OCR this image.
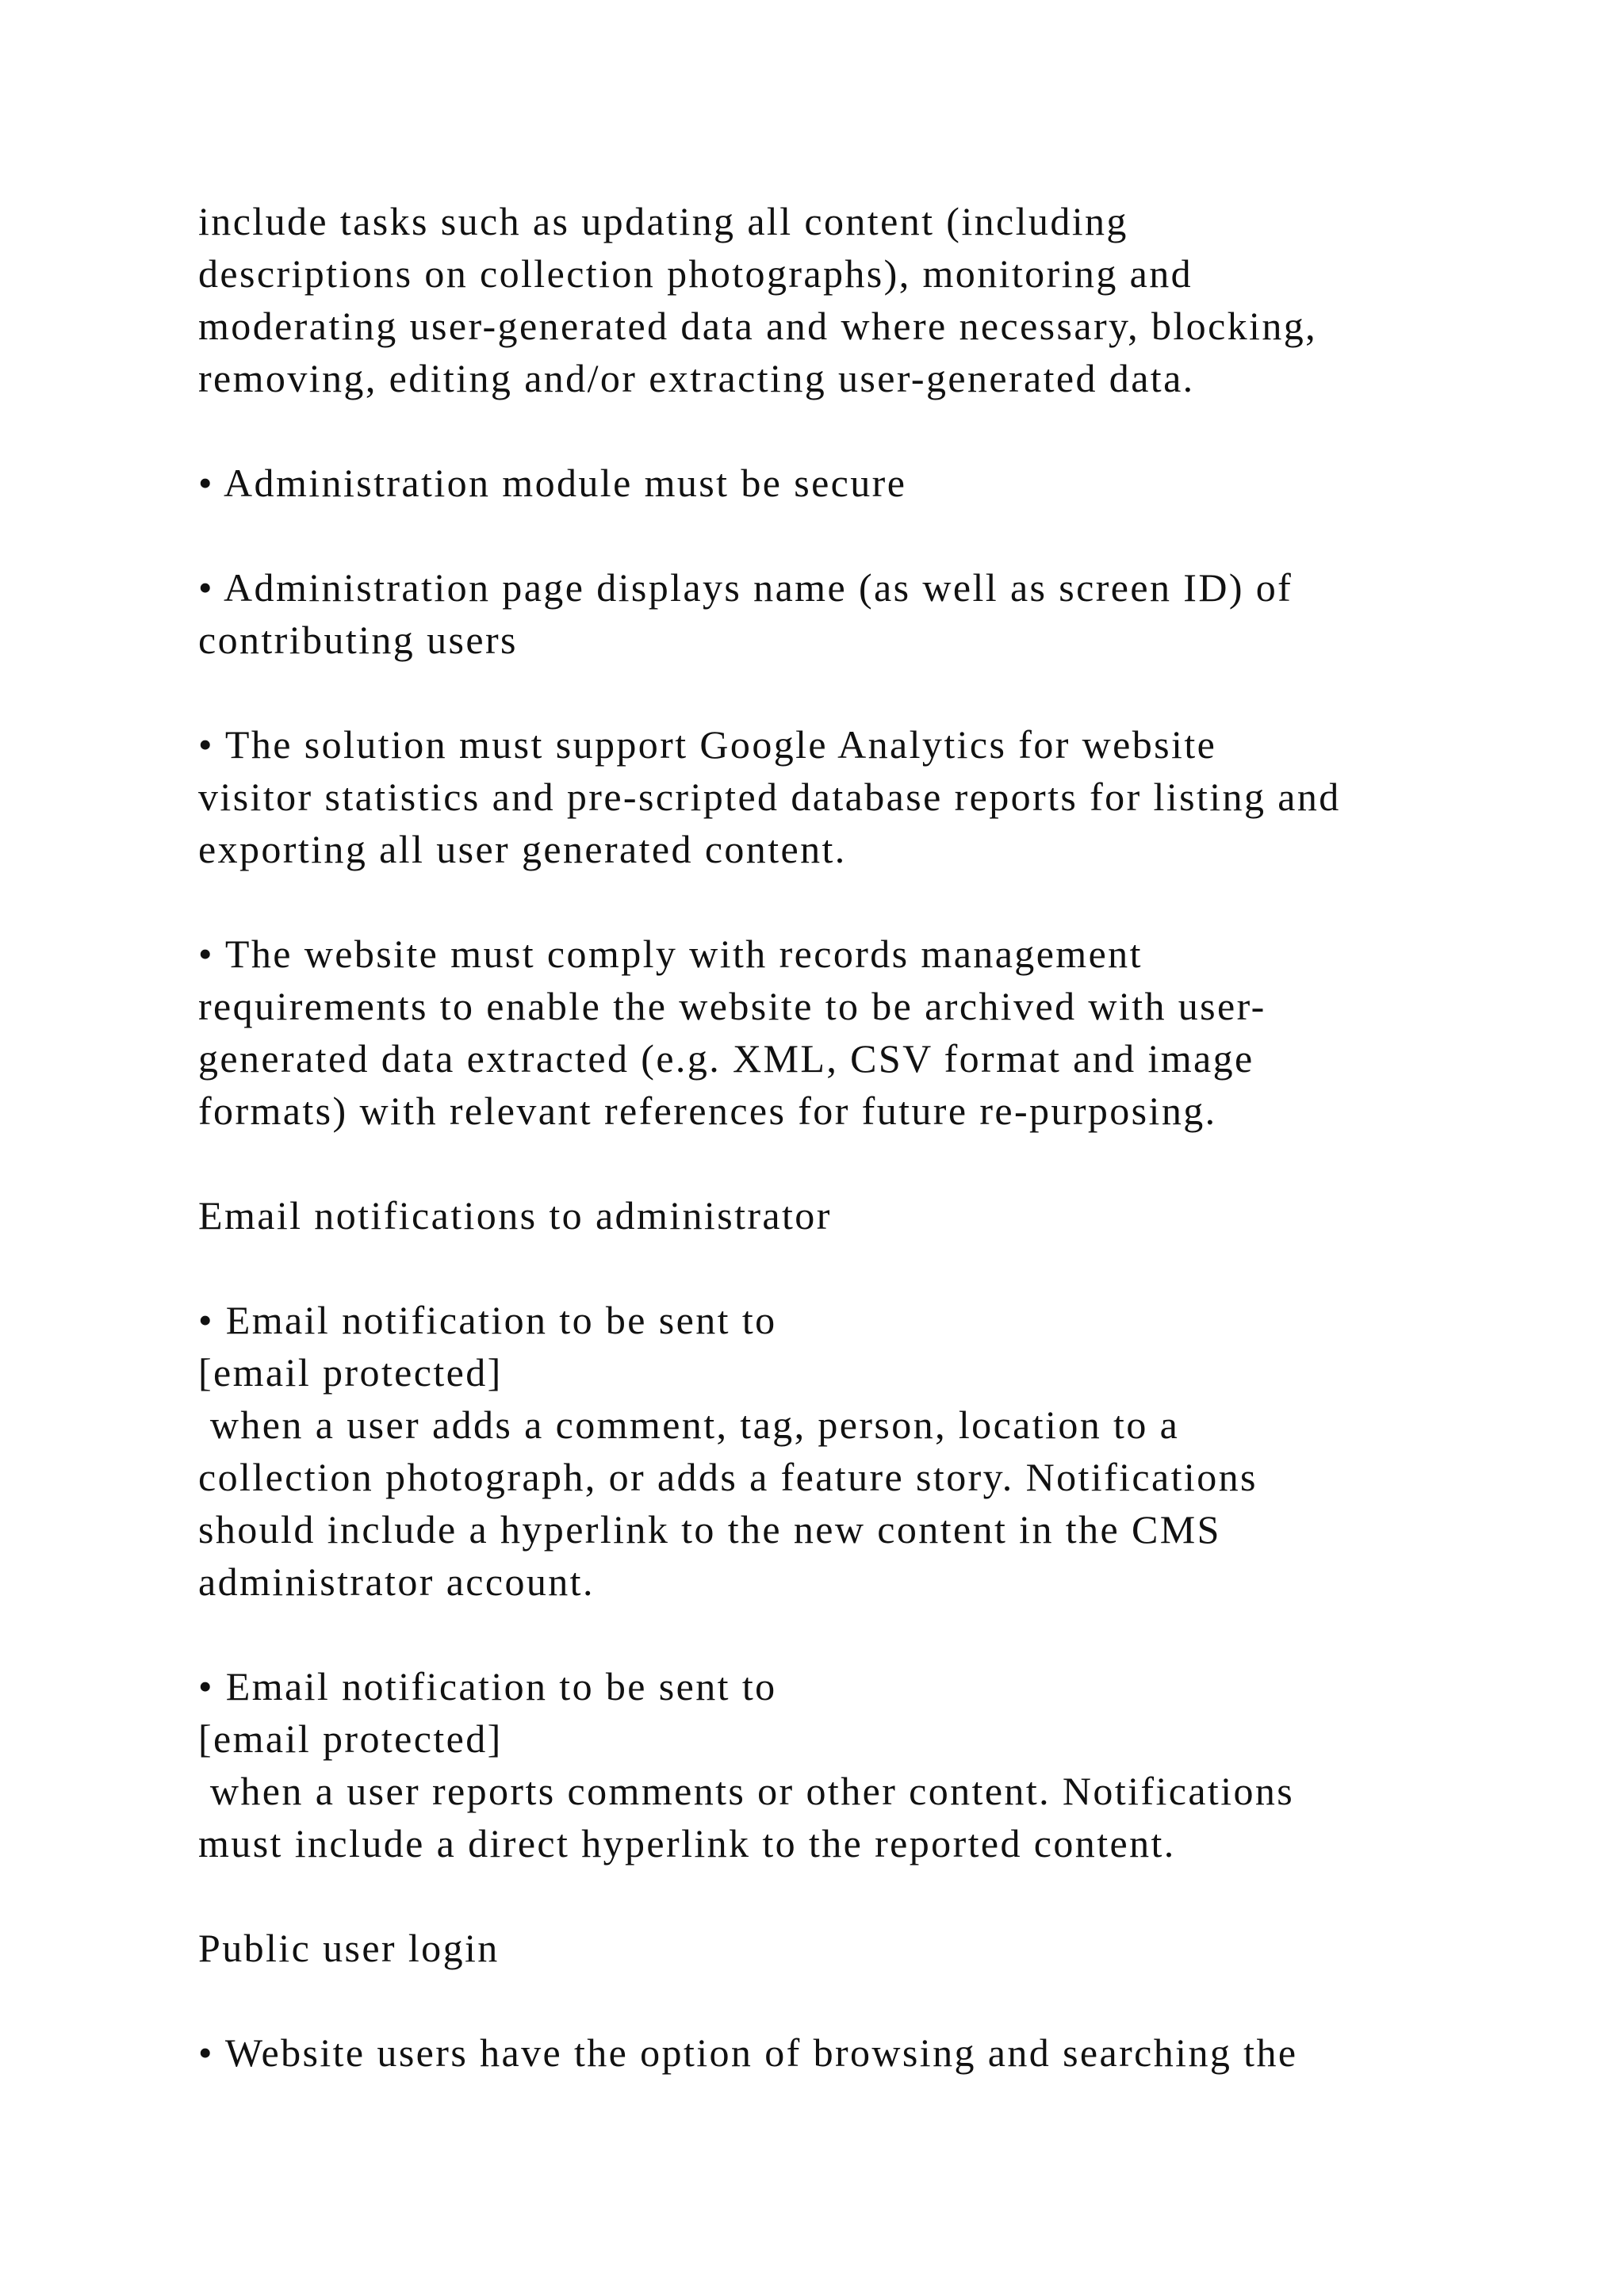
include tasks such as updating all content (including
descriptions on collection photographs), monitoring and
moderating user-generated data and where necessary, blocking,
removing, editing and/or extracting user-generated data.
• Administration module must be secure
• Administration page displays name (as well as screen ID) of
contributing users
• The solution must support Google Analytics for website
visitor statistics and pre-scripted database reports for listing and
exporting all user generated content.
• The website must comply with records management
requirements to enable the website to be archived with user-
generated data extracted (e.g. XML, CSV format and image
formats) with relevant references for future re-purposing.
Email notifications to administrator
• Email notification to be sent to
[email protected]
when a user adds a comment, tag, person, location to a
collection photograph, or adds a feature story. Notifications
should include a hyperlink to the new content in the CMS
administrator account.
• Email notification to be sent to
[email protected]
when a user reports comments or other content. Notifications
must include a direct hyperlink to the reported content.
Public user login
• Website users have the option of browsing and searching the
